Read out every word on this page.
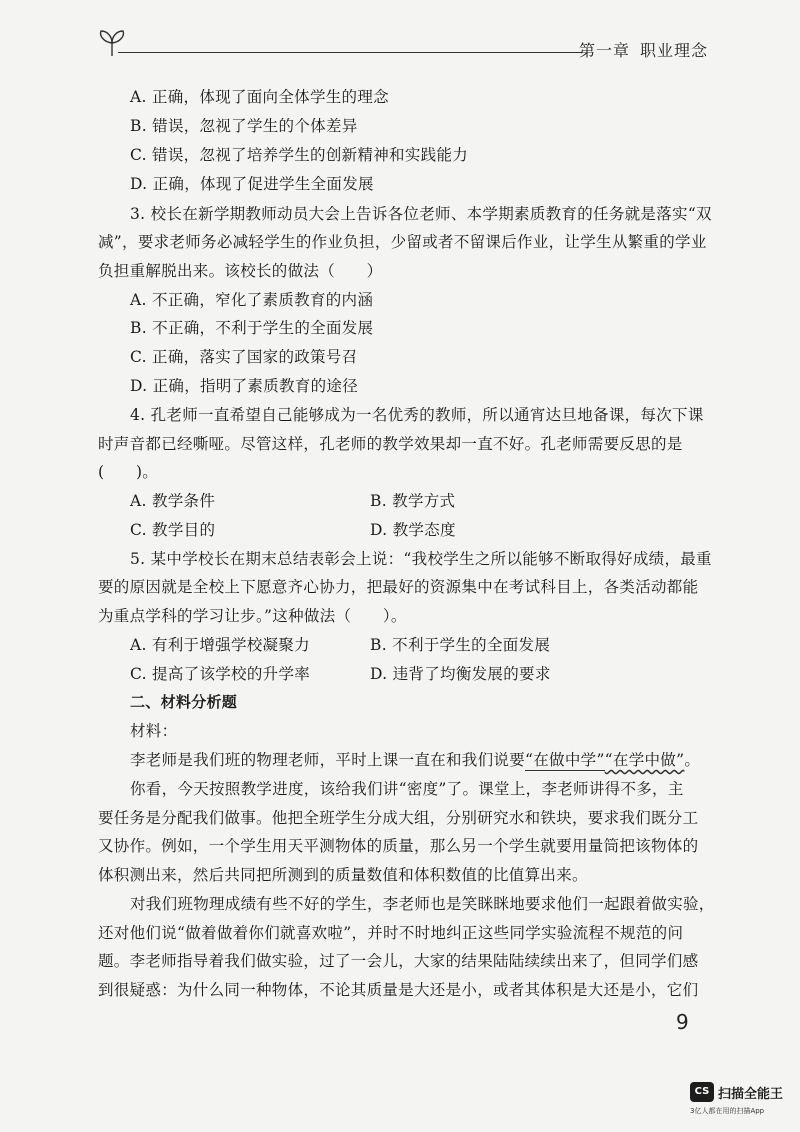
第一章 职业理念
A. 正确，体现了面向全体学生的理念
B. 错误，忽视了学生的个体差异
C. 错误，忽视了培养学生的创新精神和实践能力
D. 正确，体现了促进学生全面发展
3. 校长在新学期教师动员大会上告诉各位老师、本学期素质教育的任务就是落实“双
减”，要求老师务必减轻学生的作业负担，少留或者不留课后作业，让学生从繁重的学业
负担重解脱出来。该校长的做法（　　）
A. 不正确，窄化了素质教育的内涵
B. 不正确，不利于学生的全面发展
C. 正确，落实了国家的政策号召
D. 正确，指明了素质教育的途径
4. 孔老师一直希望自己能够成为一名优秀的教师，所以通宵达旦地备课，每次下课
时声音都已经嘶哑。尽管这样，孔老师的教学效果却一直不好。孔老师需要反思的是
(　　)。
A. 教学条件	B. 教学方式
C. 教学目的	D. 教学态度
5. 某中学校长在期末总结表彰会上说：“我校学生之所以能够不断取得好成绩，最重
要的原因就是全校上下愿意齐心协力，把最好的资源集中在考试科目上，各类活动都能
为重点学科的学习让步。”这种做法（　　）。
A. 有利于增强学校凝聚力	B. 不利于学生的全面发展
C. 提高了该学校的升学率	D. 违背了均衡发展的要求
二、材料分析题
材料：
李老师是我们班的物理老师，平时上课一直在和我们说要“在做中学”“在学中做”。
你看，今天按照教学进度，该给我们讲“密度”了。课堂上，李老师讲得不多，主
要任务是分配我们做事。他把全班学生分成大组，分别研究水和铁块，要求我们既分工
又协作。例如，一个学生用天平测物体的质量，那么另一个学生就要用量筒把该物体的
体积测出来，然后共同把所测到的质量数值和体积数值的比值算出来。
对我们班物理成绩有些不好的学生，李老师也是笑眯眯地要求他们一起跟着做实验，
还对他们说“做着做着你们就喜欢啦”，并时不时地纠正这些同学实验流程不规范的问
题。李老师指导着我们做实验，过了一会儿，大家的结果陆陆续续出来了，但同学们感
到很疑惑：为什么同一种物体，不论其质量是大还是小，或者其体积是大还是小，它们
9
CS 扫描全能王
3亿人都在用的扫描App
